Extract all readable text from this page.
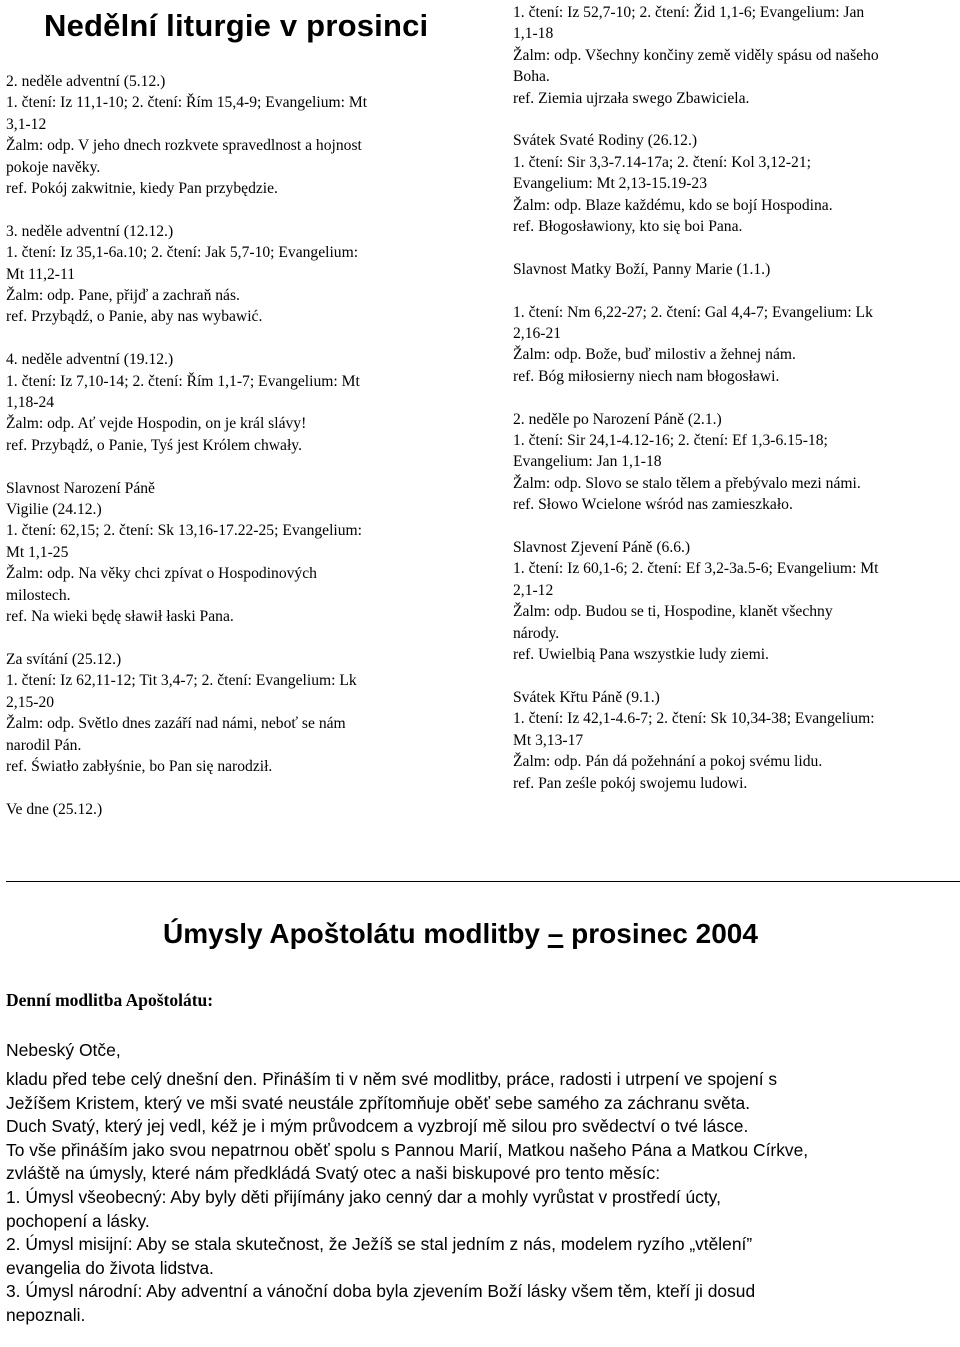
Nedělní liturgie v prosinci
2. neděle adventní (5.12.)
1. čtení: Iz 11,1-10; 2. čtení: Řím 15,4-9; Evangelium: Mt
3,1-12
Žalm: odp. V jeho dnech rozkvete spravedlnost a hojnost
pokoje navěky.
ref. Pokój zakwitnie, kiedy Pan przybędzie.
3. neděle adventní (12.12.)
1. čtení: Iz 35,1-6a.10; 2. čtení: Jak 5,7-10; Evangelium:
Mt 11,2-11
Žalm: odp. Pane, přijď a zachraň nás.
ref. Przybądź, o Panie, aby nas wybawić.
4. neděle adventní (19.12.)
1. čtení: Iz 7,10-14; 2. čtení: Řím 1,1-7; Evangelium: Mt
1,18-24
Žalm: odp. Ať vejde Hospodin, on je král slávy!
ref. Przybądź, o Panie, Tyś jest Królem chwały.
Slavnost Narození Páně
Vigilie (24.12.)
1. čtení: 62,15; 2. čtení: Sk 13,16-17.22-25; Evangelium:
Mt 1,1-25
Žalm: odp. Na věky chci zpívat o Hospodinových
milostech.
ref. Na wieki będę sławił łaski Pana.
Za svítání (25.12.)
1. čtení: Iz 62,11-12; Tit 3,4-7; 2. čtení: Evangelium: Lk
2,15-20
Žalm: odp. Světlo dnes zazáří nad námi, neboť se nám
narodil Pán.
ref. Światło zabłyśnie, bo Pan się narodził.
Ve dne (25.12.)
1. čtení: Iz 52,7-10; 2. čtení: Žid 1,1-6; Evangelium: Jan
1,1-18
Žalm: odp. Všechny končiny země viděly spásu od našeho
Boha.
ref. Ziemia ujrzała swego Zbawiciela.
Svátek Svaté Rodiny (26.12.)
1. čtení: Sir 3,3-7.14-17a; 2. čtení: Kol 3,12-21;
Evangelium: Mt 2,13-15.19-23
Žalm: odp. Blaze každému, kdo se bojí Hospodina.
ref. Błogosławiony, kto się boi Pana.
Slavnost Matky Boží, Panny Marie (1.1.)
1. čtení: Nm 6,22-27; 2. čtení: Gal 4,4-7; Evangelium: Lk
2,16-21
Žalm: odp. Bože, buď milostiv a žehnej nám.
ref. Bóg miłosierny niech nam błogosławi.
2. neděle po Narození Páně (2.1.)
1. čtení: Sir 24,1-4.12-16; 2. čtení: Ef 1,3-6.15-18;
Evangelium: Jan 1,1-18
Žalm: odp. Slovo se stalo tělem a přebývalo mezi námi.
ref. Słowo Wcielone wśród nas zamieszkało.
Slavnost Zjevení Páně (6.6.)
1. čtení: Iz 60,1-6; 2. čtení: Ef 3,2-3a.5-6; Evangelium: Mt
2,1-12
Žalm: odp. Budou se ti, Hospodine, klanět všechny
národy.
ref. Uwielbią Pana wszystkie ludy ziemi.
Svátek Křtu Páně (9.1.)
1. čtení: Iz 42,1-4.6-7; 2. čtení: Sk 10,34-38; Evangelium:
Mt 3,13-17
Žalm: odp. Pán dá požehnání a pokoj svému lidu.
ref. Pan ześle pokój swojemu ludowi.
Úmysly Apoštolátu modlitby – prosinec 2004
Denní modlitba Apoštolátu:
Nebeský Otče,
kladu před tebe celý dnešní den. Přináším ti v něm své modlitby, práce, radosti i utrpení ve spojení s
Ježíšem Kristem, který ve mši svaté neustále zpřítomňuje oběť sebe samého za záchranu světa.
Duch Svatý, který jej vedl, kéž je i mým průvodcem a vyzbrojí mě silou pro svědectví o tvé lásce.
To vše přináším jako svou nepatrnou oběť spolu s Pannou Marií, Matkou našeho Pána a Matkou Církve,
zvláště na úmysly, které nám předkládá Svatý otec a naši biskupové pro tento měsíc:
1. Úmysl všeobecný: Aby byly děti přijímány jako cenný dar a mohly vyrůstat v prostředí úcty,
pochopení a lásky.
2. Úmysl misijní: Aby se stala skutečnost, že Ježíš se stal jedním z nás, modelem ryzího „vtělení”
evangelia do života lidstva.
3. Úmysl národní: Aby adventní a vánoční doba byla zjevením Boží lásky všem těm, kteří ji dosud
nepoznali.
